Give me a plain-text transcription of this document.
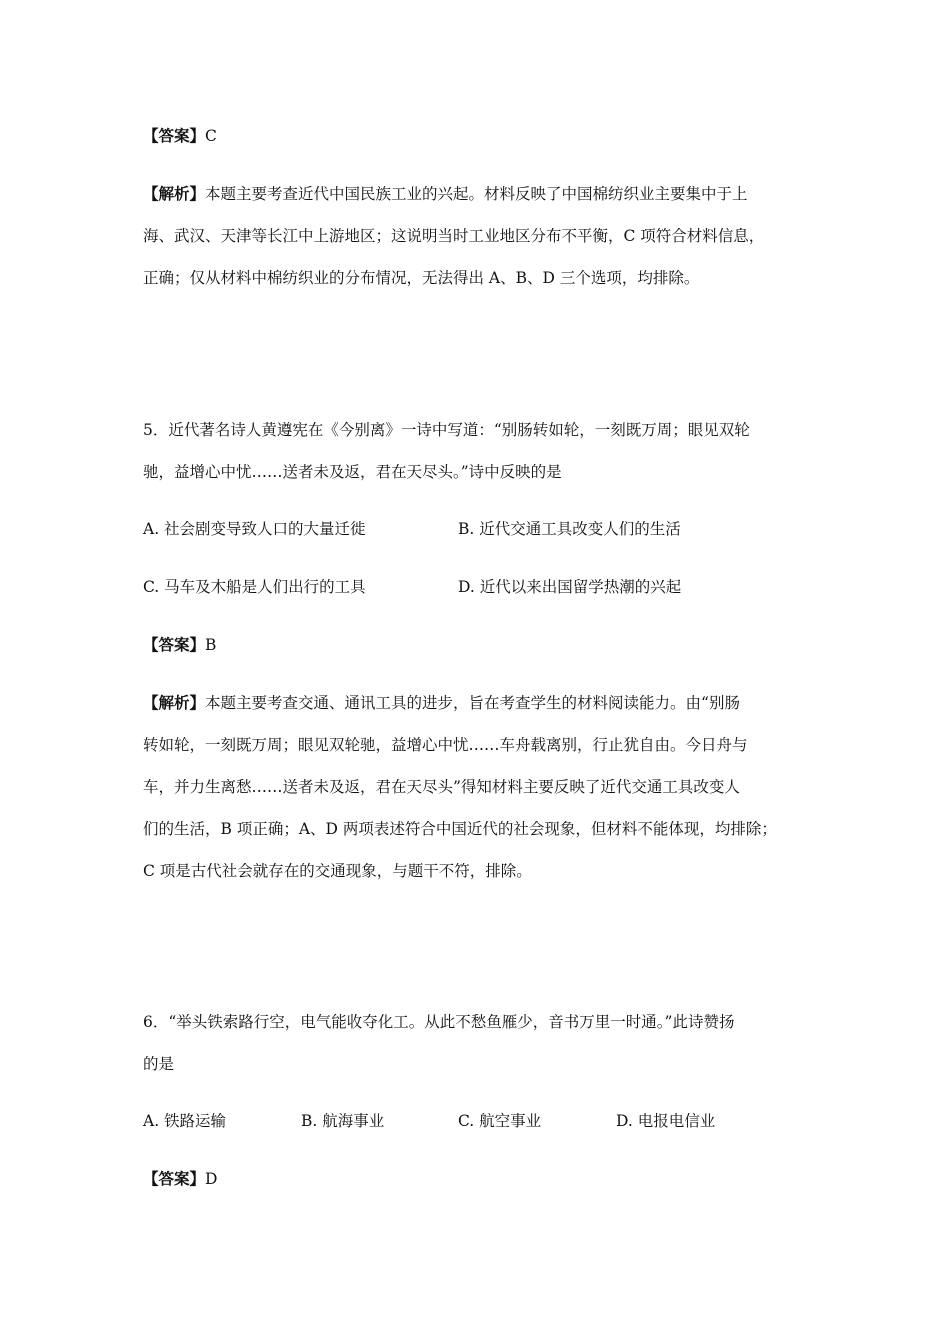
【答案】C
【解析】本题主要考查近代中国民族工业的兴起。材料反映了中国棉纺织业主要集中于上
海、武汉、天津等长江中上游地区；这说明当时工业地区分布不平衡，C 项符合材料信息，
正确；仅从材料中棉纺织业的分布情况，无法得出 A、B、D 三个选项，均排除。
5．近代著名诗人黄遵宪在《今别离》一诗中写道：“别肠转如轮，一刻既万周；眼见双轮
驰，益增心中忧……送者未及返，君在天尽头。”诗中反映的是
A. 社会剧变导致人口的大量迁徙	B. 近代交通工具改变人们的生活
C. 马车及木船是人们出行的工具	D. 近代以来出国留学热潮的兴起
【答案】B
【解析】本题主要考查交通、通讯工具的进步，旨在考查学生的材料阅读能力。由“别肠
转如轮，一刻既万周；眼见双轮驰，益增心中忧……车舟载离别，行止犹自由。今日舟与
车，并力生离愁……送者未及返，君在天尽头”得知材料主要反映了近代交通工具改变人
们的生活，B 项正确；A、D 两项表述符合中国近代的社会现象，但材料不能体现，均排除；
C 项是古代社会就存在的交通现象，与题干不符，排除。
6．“举头铁索路行空，电气能收夺化工。从此不愁鱼雁少，音书万里一时通。”此诗赞扬
的是
A. 铁路运输	B. 航海事业	C. 航空事业	D. 电报电信业
【答案】D
